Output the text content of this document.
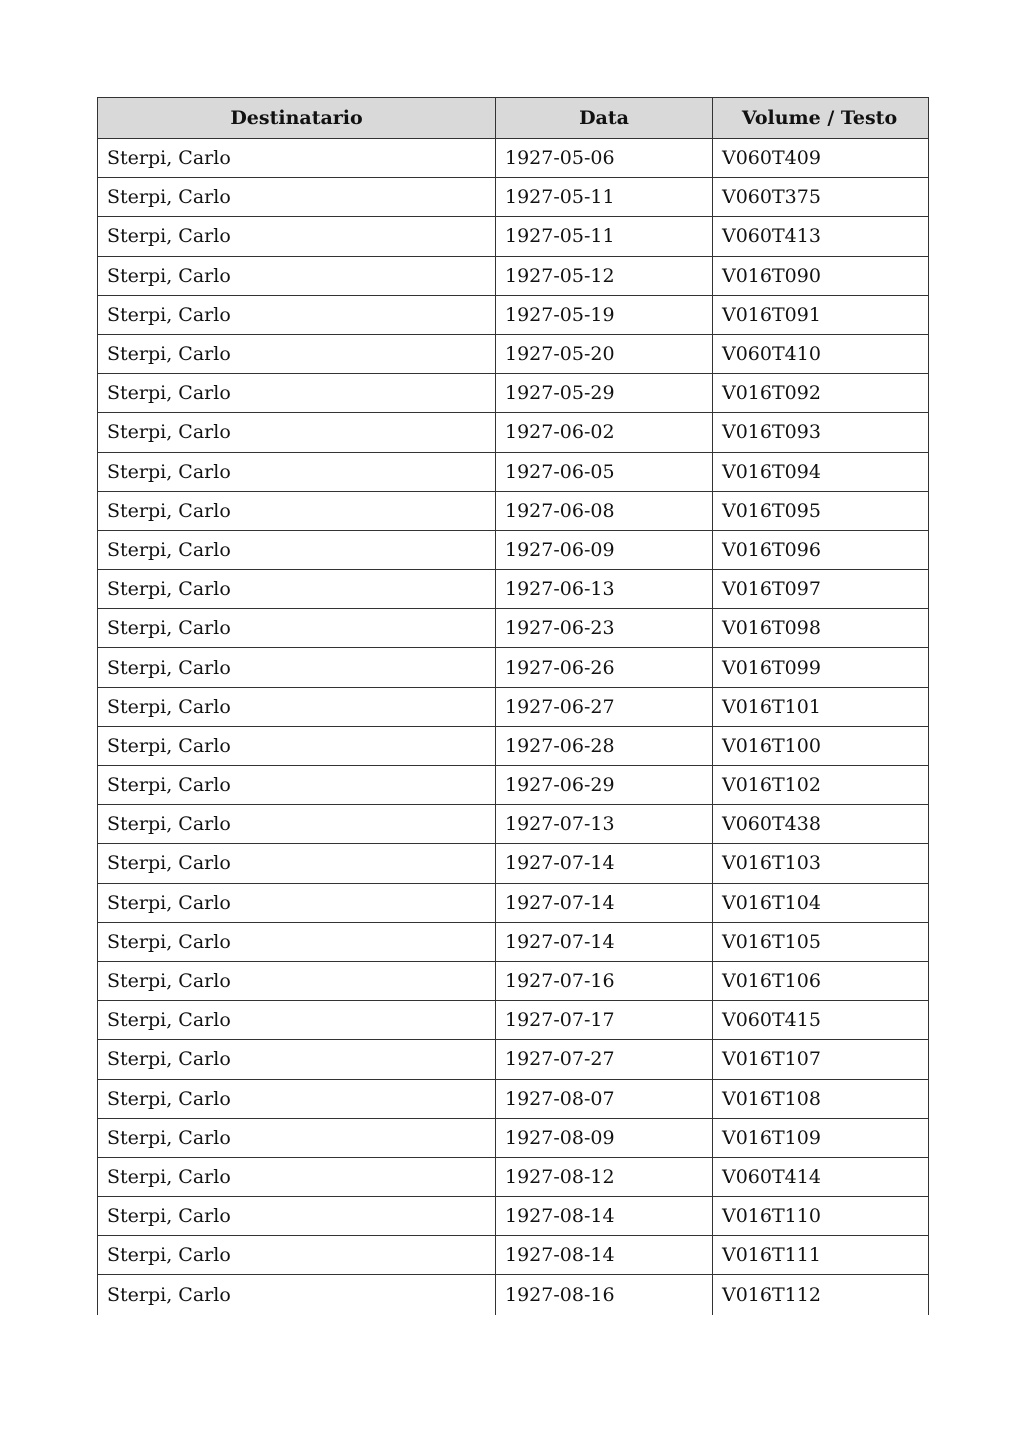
Destinatario	Data	Volume / Testo
Sterpi, Carlo	1927-05-06	V060T409
Sterpi, Carlo	1927-05-11	V060T375
Sterpi, Carlo	1927-05-11	V060T413
Sterpi, Carlo	1927-05-12	V016T090
Sterpi, Carlo	1927-05-19	V016T091
Sterpi, Carlo	1927-05-20	V060T410
Sterpi, Carlo	1927-05-29	V016T092
Sterpi, Carlo	1927-06-02	V016T093
Sterpi, Carlo	1927-06-05	V016T094
Sterpi, Carlo	1927-06-08	V016T095
Sterpi, Carlo	1927-06-09	V016T096
Sterpi, Carlo	1927-06-13	V016T097
Sterpi, Carlo	1927-06-23	V016T098
Sterpi, Carlo	1927-06-26	V016T099
Sterpi, Carlo	1927-06-27	V016T101
Sterpi, Carlo	1927-06-28	V016T100
Sterpi, Carlo	1927-06-29	V016T102
Sterpi, Carlo	1927-07-13	V060T438
Sterpi, Carlo	1927-07-14	V016T103
Sterpi, Carlo	1927-07-14	V016T104
Sterpi, Carlo	1927-07-14	V016T105
Sterpi, Carlo	1927-07-16	V016T106
Sterpi, Carlo	1927-07-17	V060T415
Sterpi, Carlo	1927-07-27	V016T107
Sterpi, Carlo	1927-08-07	V016T108
Sterpi, Carlo	1927-08-09	V016T109
Sterpi, Carlo	1927-08-12	V060T414
Sterpi, Carlo	1927-08-14	V016T110
Sterpi, Carlo	1927-08-14	V016T111
Sterpi, Carlo	1927-08-16	V016T112
